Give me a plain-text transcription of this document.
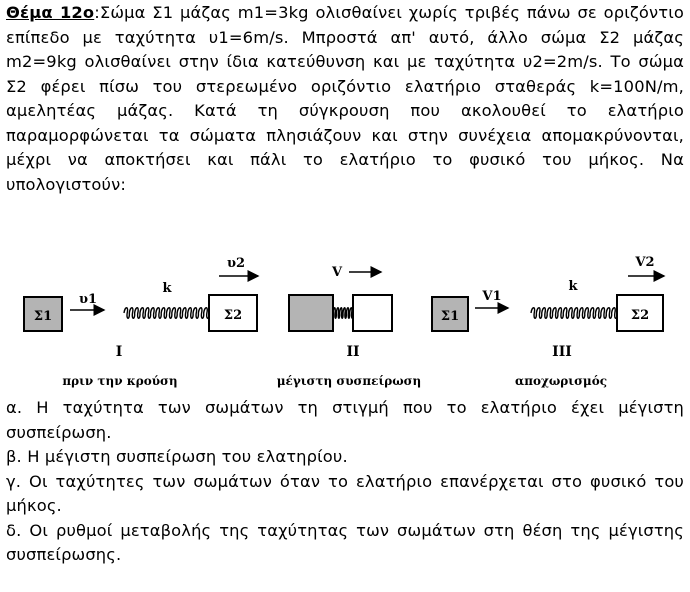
Θέμα 12ο:Σώμα Σ1 μάζας m1=3kg ολισθαίνει χωρίς τριβές πάνω σε οριζόντιο επίπεδο με ταχύτητα υ1=6m/s. Μπροστά απ' αυτό, άλλο σώμα Σ2 μάζας m2=9kg ολισθαίνει στην ίδια κατεύθυνση και με ταχύτητα υ2=2m/s. Το σώμα Σ2 φέρει πίσω του στερεωμένο οριζόντιο ελατήριο σταθεράς k=100N/m, αμελητέας μάζας. Κατά τη σύγκρουση που ακολουθεί το ελατήριο παραμορφώνεται τα σώματα πλησιάζουν και στην συνέχεια απομακρύνονται, μέχρι να αποκτήσει και πάλι το ελατήριο το φυσικό του μήκος. Να υπολογιστούν:
Σ1
υ1
k
Σ2
υ2
I
πριν την κρούση
V
II
μέγιστη συσπείρωση
Σ1
V1
k
Σ2
V2
III
αποχωρισμός

α. Η ταχύτητα των σωμάτων τη στιγμή που το ελατήριο έχει μέγιστη συσπείρωση.

β. Η μέγιστη συσπείρωση του ελατηρίου.

γ. Οι ταχύτητες των σωμάτων όταν το ελατήριο επανέρχεται στο φυσικό του μήκος.

δ. Οι ρυθμοί μεταβολής της ταχύτητας των σωμάτων στη θέση της μέγιστης συσπείρωσης.
